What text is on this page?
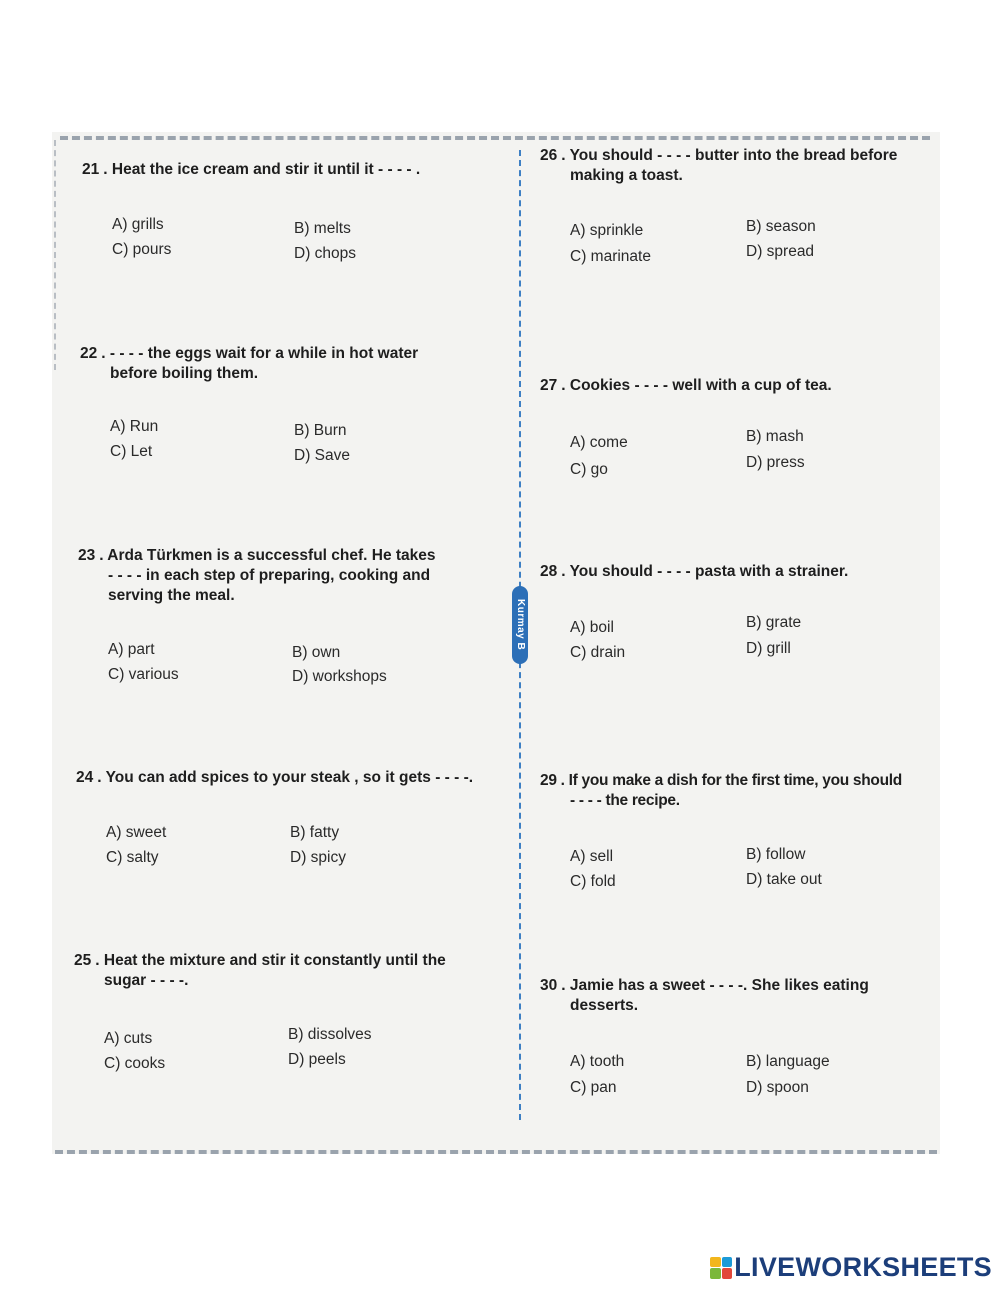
Kurmay B
21 . Heat the ice cream and stir it until it - - - - .
A) grills	B) melts
C) pours	D) chops
22 . - - - - the eggs wait for a while in hot water
before boiling them.
A) Run	B) Burn
C) Let	D) Save
23 . Arda Türkmen is a successful chef. He takes
- - - - in each step of preparing, cooking and serving the meal.
A) part	B) own
C) various	D) workshops
24 . You can add spices to your steak , so it gets - - - -.
A) sweet	B) fatty
C) salty	D) spicy
25 . Heat the mixture and stir it constantly until the
sugar - - - -.
A) cuts	B) dissolves
C) cooks	D) peels
26 . You should - - - - butter into the bread before
making a toast.
A) sprinkle	B) season
C) marinate	D) spread
27 . Cookies - - - - well with a cup of tea.
A) come	B) mash
C) go	D) press
28 . You should - - - - pasta with a strainer.
A) boil	B) grate
C) drain	D) grill
29 . If you make a dish for the first time, you should
- - - - the recipe.
A) sell	B) follow
C) fold	D) take out
30 . Jamie has a sweet - - - -. She likes eating
desserts.
A) tooth	B) language
C) pan	D) spoon
LIVEWORKSHEETS
